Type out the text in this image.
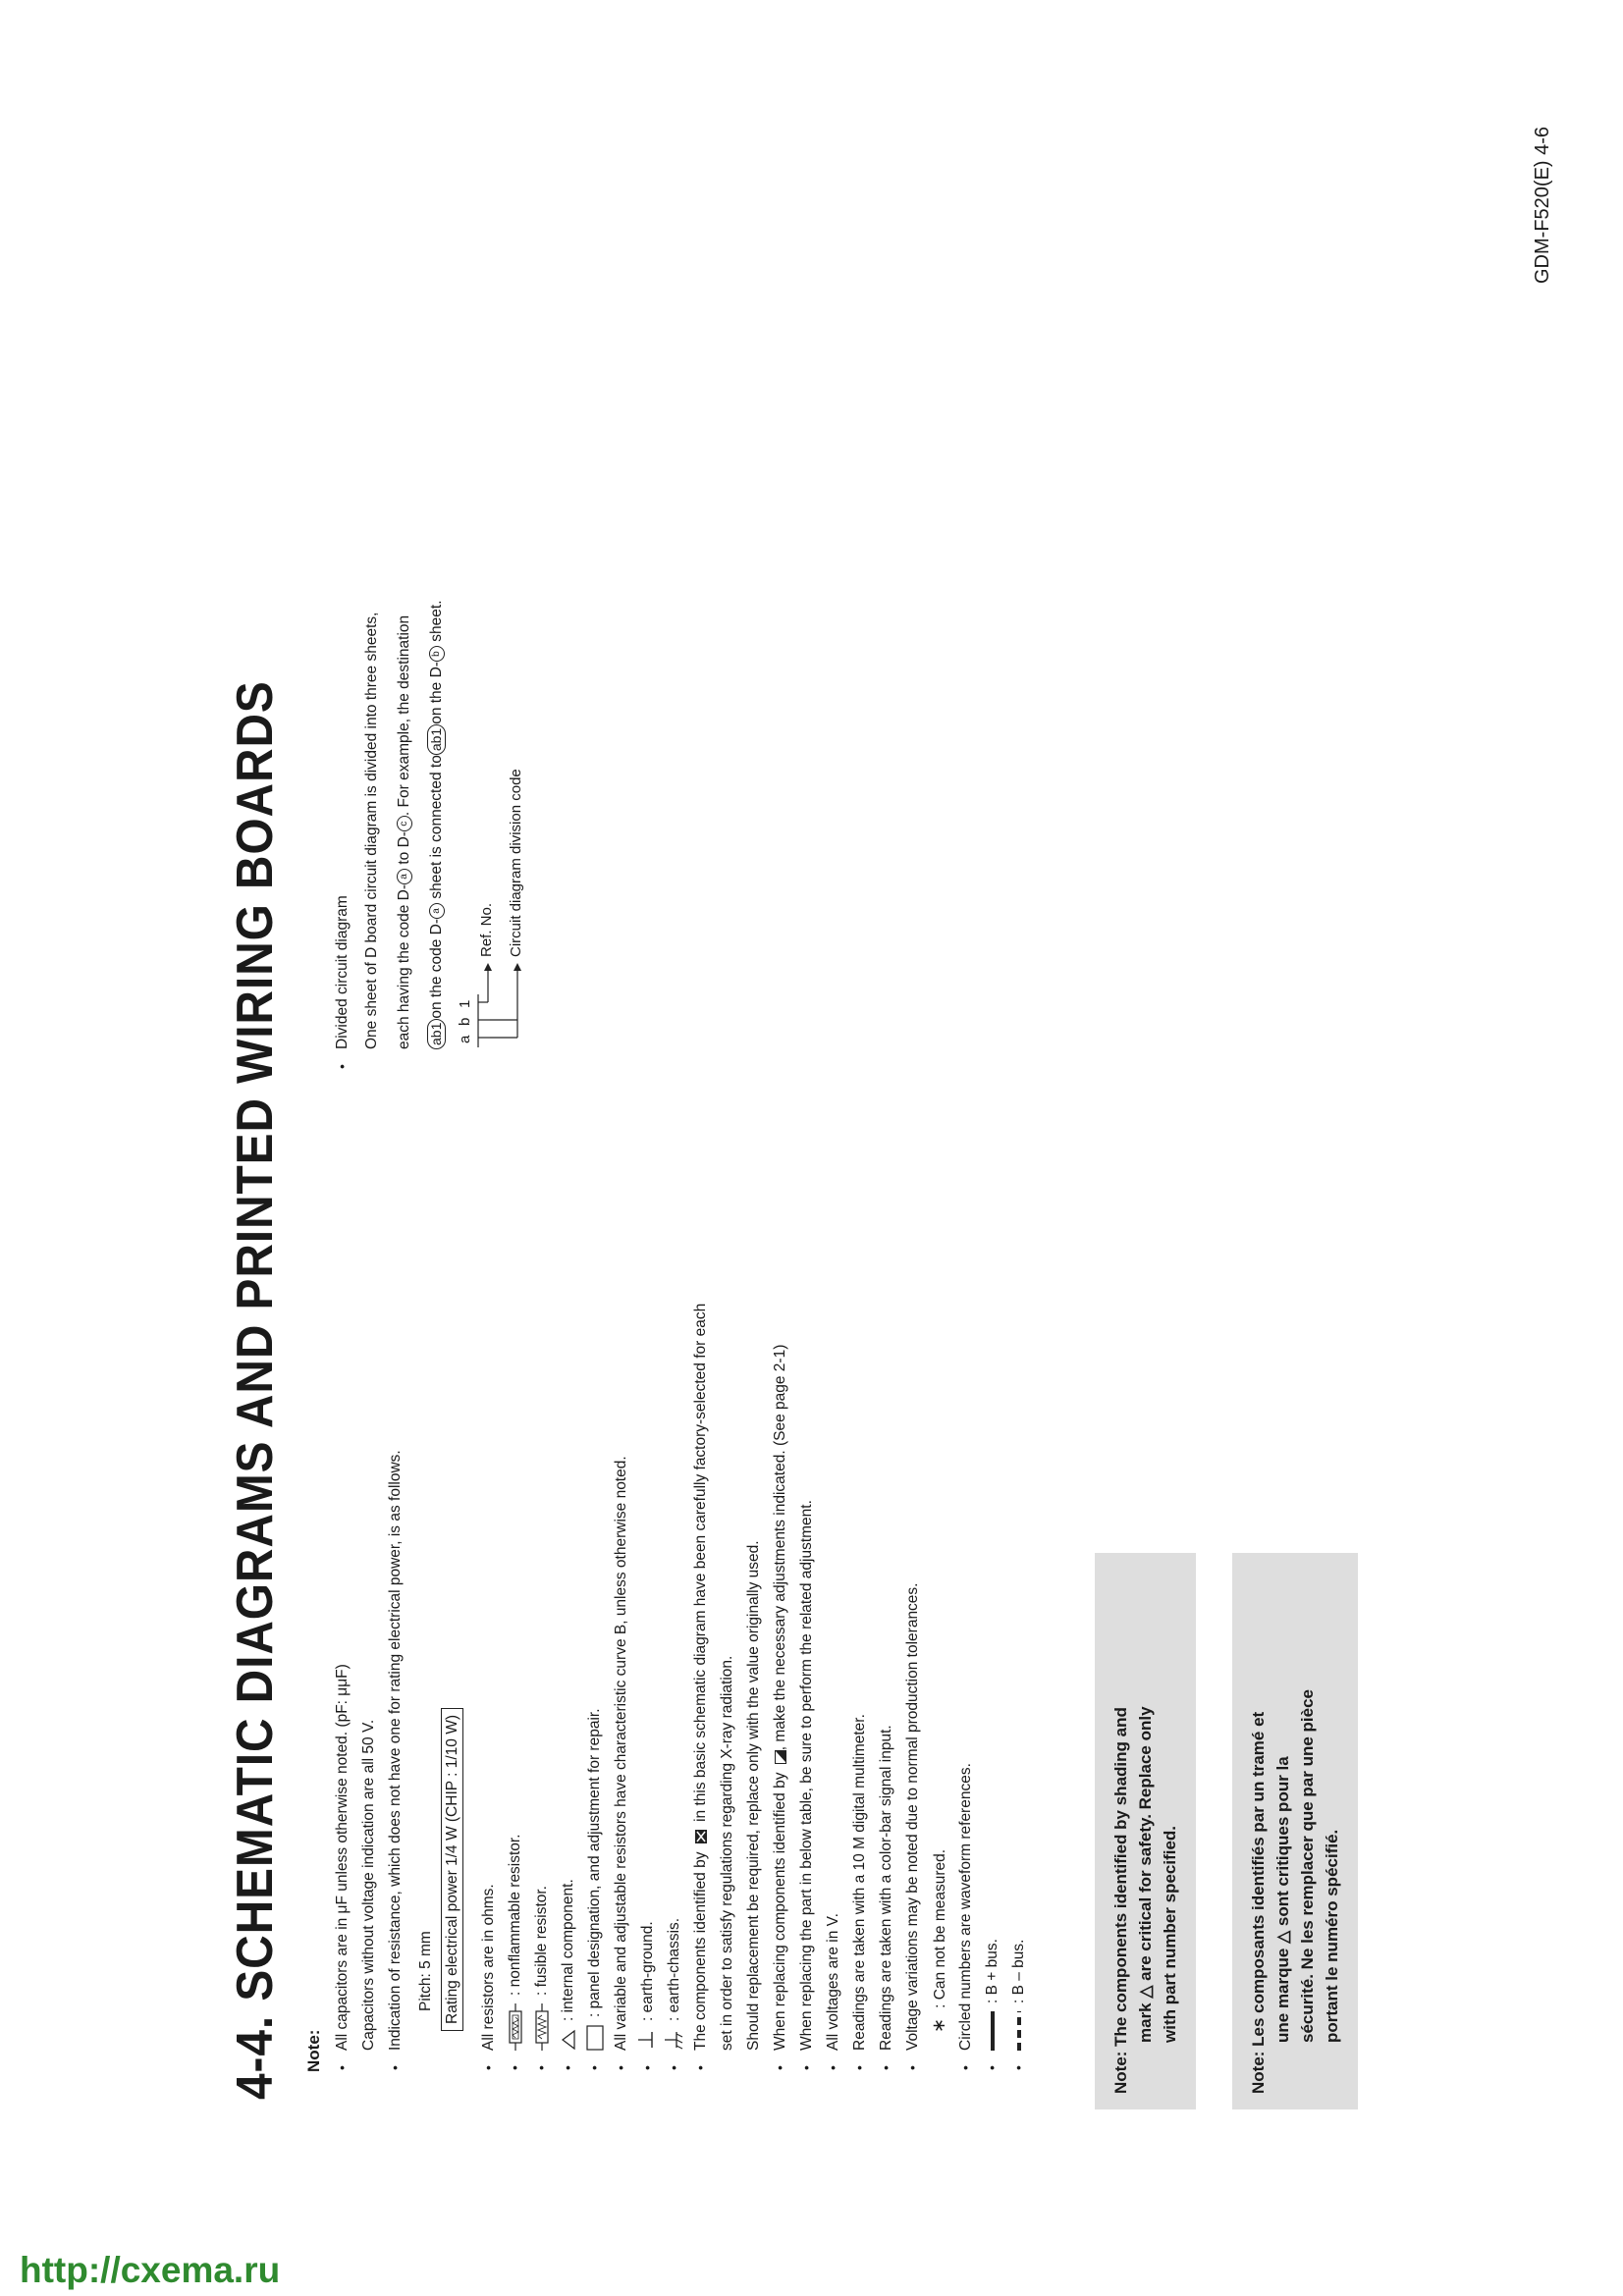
4-4. SCHEMATIC DIAGRAMS AND PRINTED WIRING BOARDS Note:
• All capacitors are in μF unless otherwise noted. (pF: μμF) Capacitors without voltage indication are all 50 V. • Indication of resistance, which does not have one for rating electrical power, is as follows. Pitch: 5 mm Rating electrical power 1/4 W (CHIP : 1/10 W)	• All resistors are in ohms. • : nonflammable resistor. • : fusible resistor. • : internal component. • : panel designation, and adjustment for repair. • All variable and adjustable resistors have characteristic curve B, unless otherwise noted. • : earth-ground. • : earth-chassis. • The components identified by  in this basic schematic diagram have been carefully factory-selected for each
set in order to satisfy regulations regarding X-ray radiation. Should replacement be required, replace only with the value originally used. • When replacing components identified by , make the necessary adjustments indicated. (See page 2-1) • When replacing the part in below table, be sure to perform the related adjustment. • All voltages are in V. • Readings are taken with a 10 M digital multimeter. • Readings are taken with a color-bar signal input. • Voltage variations may be noted due to normal production tolerances. ∗: Can not be measured. • Circled numbers are waveform references. • : B + bus. • : B – bus.
• Divided circuit diagram One sheet of D board circuit diagram is divided into three sheets,	each having the code D-a to D-c. For example, the destination
ab1on the code D-a sheet is connected toab1on the D-b sheet.
a
b
1
Ref. No. Circuit diagram division code
Note: The components identified by shading and mark △ are critical for safety. Replace only with part number specified.	Note: Les composants identifiés par un tramé et une marque △ sont critiques pour la sécurité. Ne les remplacer que par une pièce portant le numéro spécifié.
GDM-F520(E) 4-6
http://cxema.ru
